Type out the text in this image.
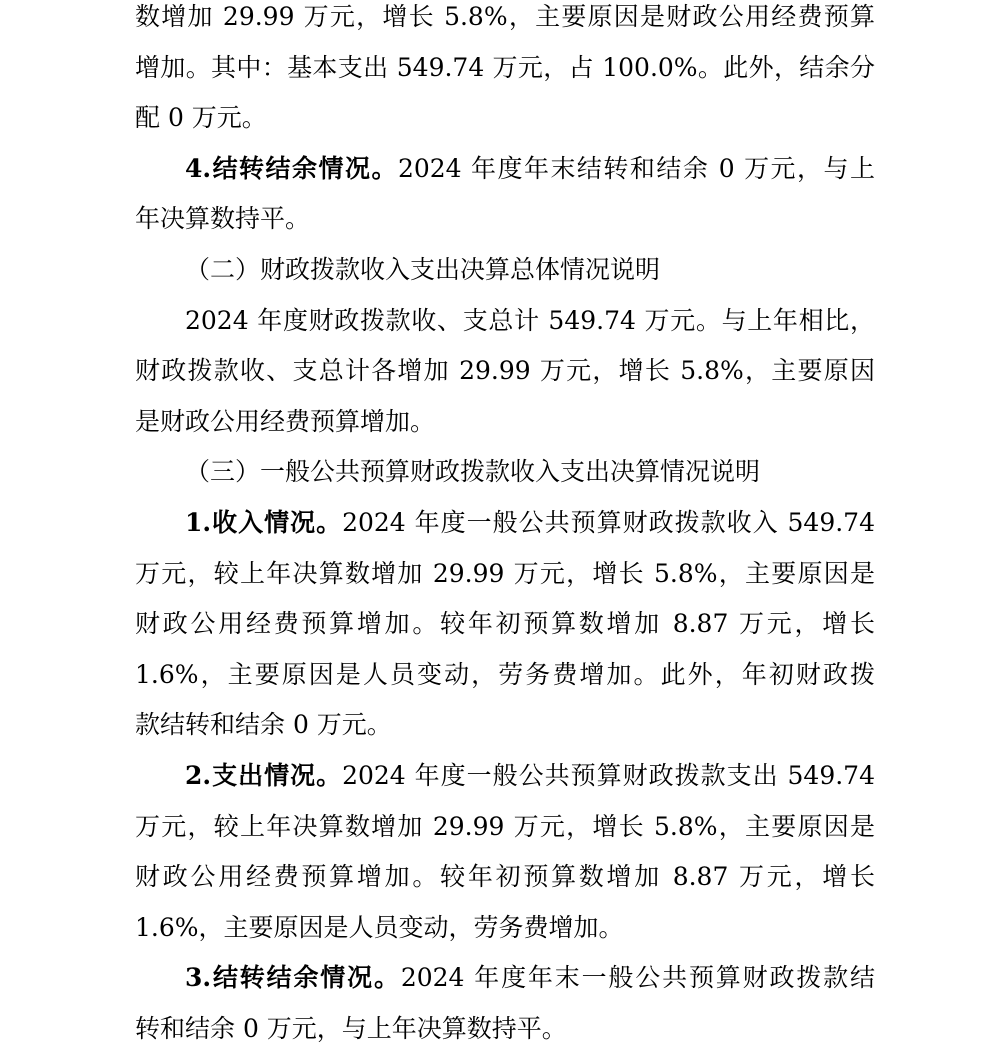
数增加 29.99 万元，增长 5.8%，主要原因是财政公用经费预算
增加。其中：基本支出 549.74 万元，占 100.0%。此外，结余分
配 0 万元。
4.结转结余情况。2024 年度年末结转和结余 0 万元，与上
年决算数持平。
（二）财政拨款收入支出决算总体情况说明
2024 年度财政拨款收、支总计 549.74 万元。与上年相比，
财政拨款收、支总计各增加 29.99 万元，增长 5.8%，主要原因
是财政公用经费预算增加。
（三）一般公共预算财政拨款收入支出决算情况说明
1.收入情况。2024 年度一般公共预算财政拨款收入 549.74
万元，较上年决算数增加 29.99 万元，增长 5.8%，主要原因是
财政公用经费预算增加。较年初预算数增加 8.87 万元，增长
1.6%，主要原因是人员变动，劳务费增加。此外，年初财政拨
款结转和结余 0 万元。
2.支出情况。2024 年度一般公共预算财政拨款支出 549.74
万元，较上年决算数增加 29.99 万元，增长 5.8%，主要原因是
财政公用经费预算增加。较年初预算数增加 8.87 万元，增长
1.6%，主要原因是人员变动，劳务费增加。
3.结转结余情况。2024 年度年末一般公共预算财政拨款结
转和结余 0 万元，与上年决算数持平。
